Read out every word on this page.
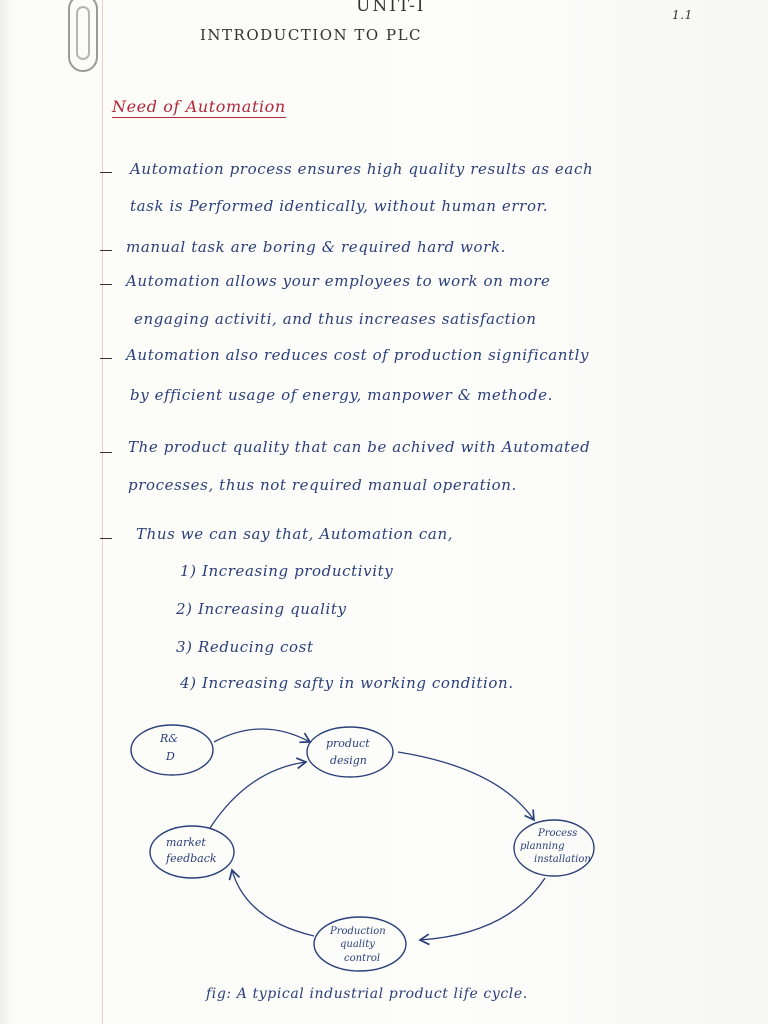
UNIT-I	1.1
INTRODUCTION TO PLC
Need of Automation
Automation process ensures high quality results as each
task is Performed identically, without human error.
manual task are boring & required hard work.
Automation allows your employees to work on more
engaging activiti, and thus increases satisfaction
Automation also reduces cost of production significantly
by efficient usage of energy, manpower & methode.
The product quality that can be achived with Automated
processes, thus not required manual operation.
Thus we can say that, Automation can,
1) Increasing productivity
2) Increasing quality
3) Reducing cost
4) Increasing safty in working condition.
R&
D
product
design
Process
planning
installation
Production
quality
control
market
feedback
fig: A typical industrial product life cycle.
